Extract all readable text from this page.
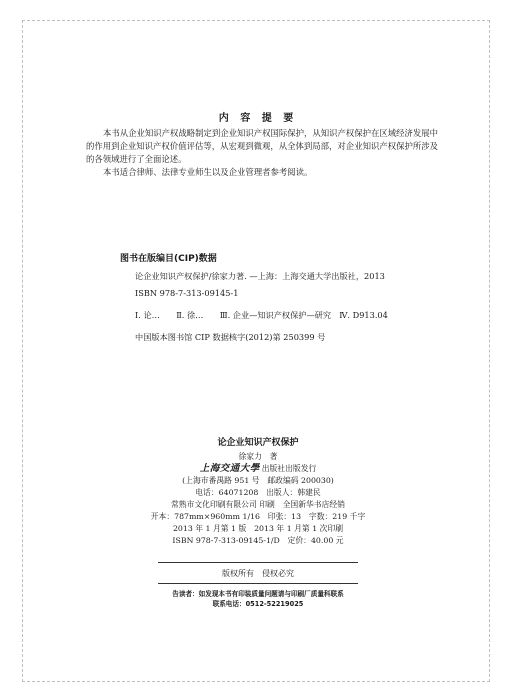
内 容 提 要

本书从企业知识产权战略制定到企业知识产权国际保护，从知识产权保护在区域经济发展中的作用到企业知识产权价值评估等，从宏观到微观，从全体到局部，对企业知识产权保护所涉及的各领域进行了全面论述。

本书适合律师、法律专业师生以及企业管理者参考阅读。

图书在版编目(CIP)数据

论企业知识产权保护/徐家力著. —上海：上海交通大学出版社，2013

ISBN 978-7-313-09145-1

Ⅰ. 论…　　Ⅱ. 徐…　　Ⅲ. 企业—知识产权保护—研究　Ⅳ. D913.04

中国版本图书馆 CIP 数据核字(2012)第 250399 号

论企业知识产权保护
徐家力　著
上海交通大學 出版社出版发行
(上海市番禺路 951 号　邮政编码 200030)
电话：64071208　出版人：韩建民
常熟市文化印刷有限公司 印刷　全国新华书店经销
开本：787mm×960mm 1/16　印张：13　字数：219 千字
2013 年 1 月第 1 版　2013 年 1 月第 1 次印刷
ISBN 978-7-313-09145-1/D　定价：40.00 元
版权所有　侵权必究
告读者：如发现本书有印装质量问题请与印刷厂质量科联系
联系电话：0512-52219025
